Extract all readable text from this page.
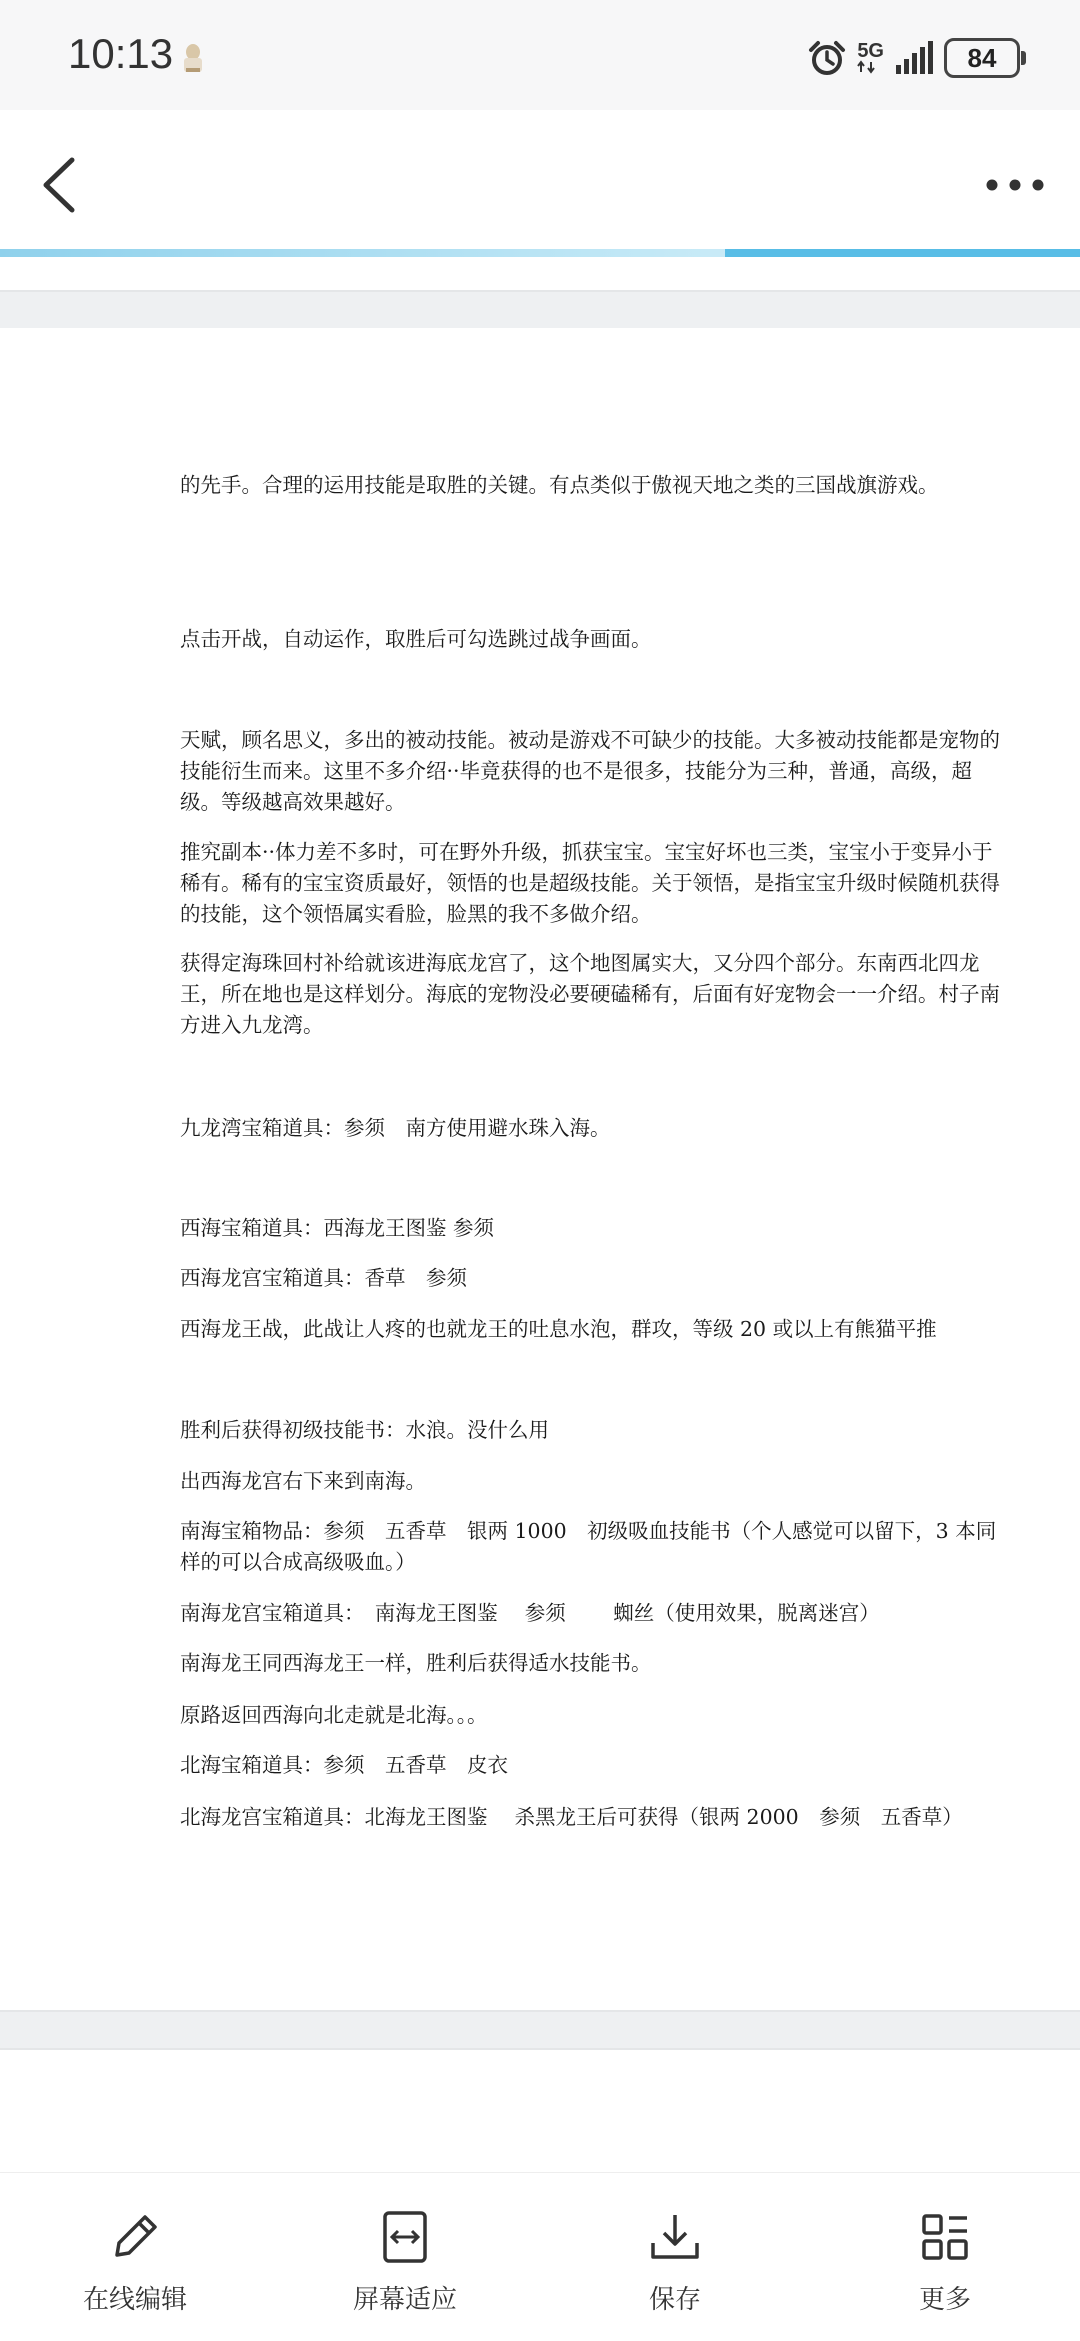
10:13	5G	84

的先手。合理的运用技能是取胜的关键。有点类似于傲视天地之类的三国战旗游戏。

点击开战，自动运作，取胜后可勾选跳过战争画面。

天赋，顾名思义，多出的被动技能。被动是游戏不可缺少的技能。大多被动技能都是宠物的技能衍生而来。这里不多介绍··毕竟获得的也不是很多，技能分为三种，普通，高级，超级。等级越高效果越好。

推究副本··体力差不多时，可在野外升级，抓获宝宝。宝宝好坏也三类，宝宝小于变异小于稀有。稀有的宝宝资质最好，领悟的也是超级技能。关于领悟，是指宝宝升级时候随机获得的技能，这个领悟属实看脸，脸黑的我不多做介绍。

获得定海珠回村补给就该进海底龙宫了，这个地图属实大，又分四个部分。东南西北四龙王，所在地也是这样划分。海底的宠物没必要硬磕稀有，后面有好宠物会一一介绍。村子南方进入九龙湾。

九龙湾宝箱道具：参须　南方使用避水珠入海。

西海宝箱道具：西海龙王图鉴 参须

西海龙宫宝箱道具：香草　参须

西海龙王战，此战让人疼的也就龙王的吐息水泡，群攻，等级 20 或以上有熊猫平推

胜利后获得初级技能书：水浪。没什么用

出西海龙宫右下来到南海。

南海宝箱物品：参须　五香草　银两 1000　初级吸血技能书（个人感觉可以留下，3 本同样的可以合成高级吸血。）

南海龙宫宝箱道具：　南海龙王图鉴　 参须 　　蜘丝（使用效果，脱离迷宫）

南海龙王同西海龙王一样，胜利后获得适水技能书。

原路返回西海向北走就是北海。。。

北海宝箱道具：参须　五香草　皮衣

北海龙宫宝箱道具：北海龙王图鉴 　杀黑龙王后可获得（银两 2000　参须　五香草）

在线编辑	屏幕适应	保存	更多
